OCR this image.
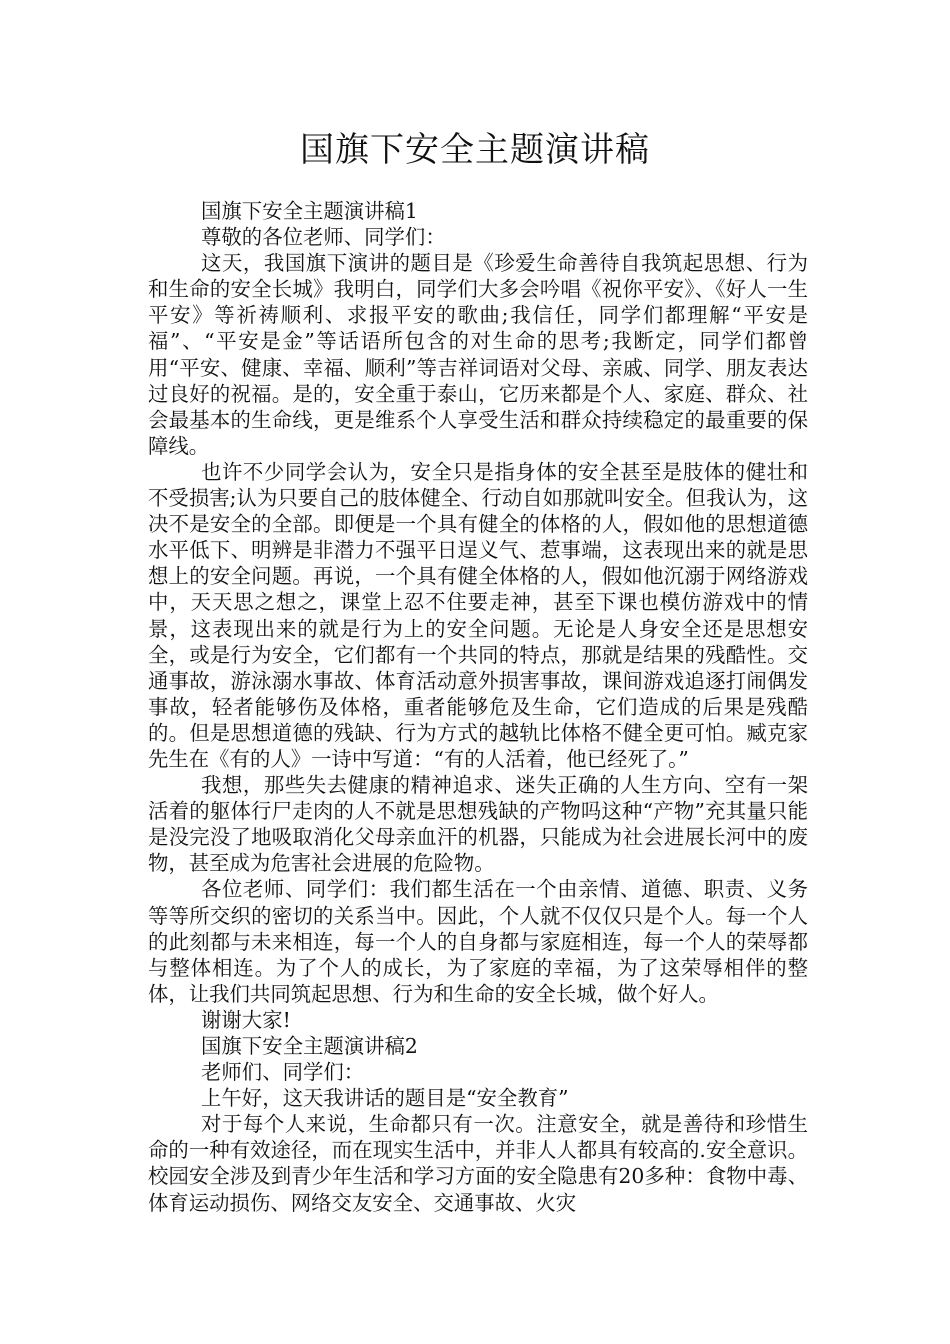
国旗下安全主题演讲稿

国旗下安全主题演讲稿1

尊敬的各位老师、同学们：

这天，我国旗下演讲的题目是《珍爱生命善待自我筑起思想、行为和生命的安全长城》我明白，同学们大多会吟唱《祝你平安》、《好人一生平安》等祈祷顺利、求报平安的歌曲;我信任，同学们都理解“平安是福”、“平安是金”等话语所包含的对生命的思考;我断定，同学们都曾用“平安、健康、幸福、顺利”等吉祥词语对父母、亲戚、同学、朋友表达过良好的祝福。是的，安全重于泰山，它历来都是个人、家庭、群众、社会最基本的生命线，更是维系个人享受生活和群众持续稳定的最重要的保障线。

也许不少同学会认为，安全只是指身体的安全甚至是肢体的健壮和不受损害;认为只要自己的肢体健全、行动自如那就叫安全。但我认为，这决不是安全的全部。即便是一个具有健全的体格的人，假如他的思想道德水平低下、明辨是非潜力不强平日逞义气、惹事端，这表现出来的就是思想上的安全问题。再说，一个具有健全体格的人，假如他沉溺于网络游戏中，天天思之想之，课堂上忍不住要走神，甚至下课也模仿游戏中的情景，这表现出来的就是行为上的安全问题。无论是人身安全还是思想安全，或是行为安全，它们都有一个共同的特点，那就是结果的残酷性。交通事故，游泳溺水事故、体育活动意外损害事故，课间游戏追逐打闹偶发事故，轻者能够伤及体格，重者能够危及生命，它们造成的后果是残酷的。但是思想道德的残缺、行为方式的越轨比体格不健全更可怕。臧克家先生在《有的人》一诗中写道：“有的人活着，他已经死了。”

我想，那些失去健康的精神追求、迷失正确的人生方向、空有一架活着的躯体行尸走肉的人不就是思想残缺的产物吗这种“产物”充其量只能是没完没了地吸取消化父母亲血汗的机器，只能成为社会进展长河中的废物，甚至成为危害社会进展的危险物。

各位老师、同学们：我们都生活在一个由亲情、道德、职责、义务等等所交织的密切的关系当中。因此，个人就不仅仅只是个人。每一个人的此刻都与未来相连，每一个人的自身都与家庭相连，每一个人的荣辱都与整体相连。为了个人的成长，为了家庭的幸福，为了这荣辱相伴的整体，让我们共同筑起思想、行为和生命的安全长城，做个好人。

谢谢大家!

国旗下安全主题演讲稿2

老师们、同学们：

上午好，这天我讲话的题目是“安全教育”

对于每个人来说，生命都只有一次。注意安全，就是善待和珍惜生命的一种有效途径，而在现实生活中，并非人人都具有较高的.安全意识。校园安全涉及到青少年生活和学习方面的安全隐患有20多种：食物中毒、体育运动损伤、网络交友安全、交通事故、火灾
